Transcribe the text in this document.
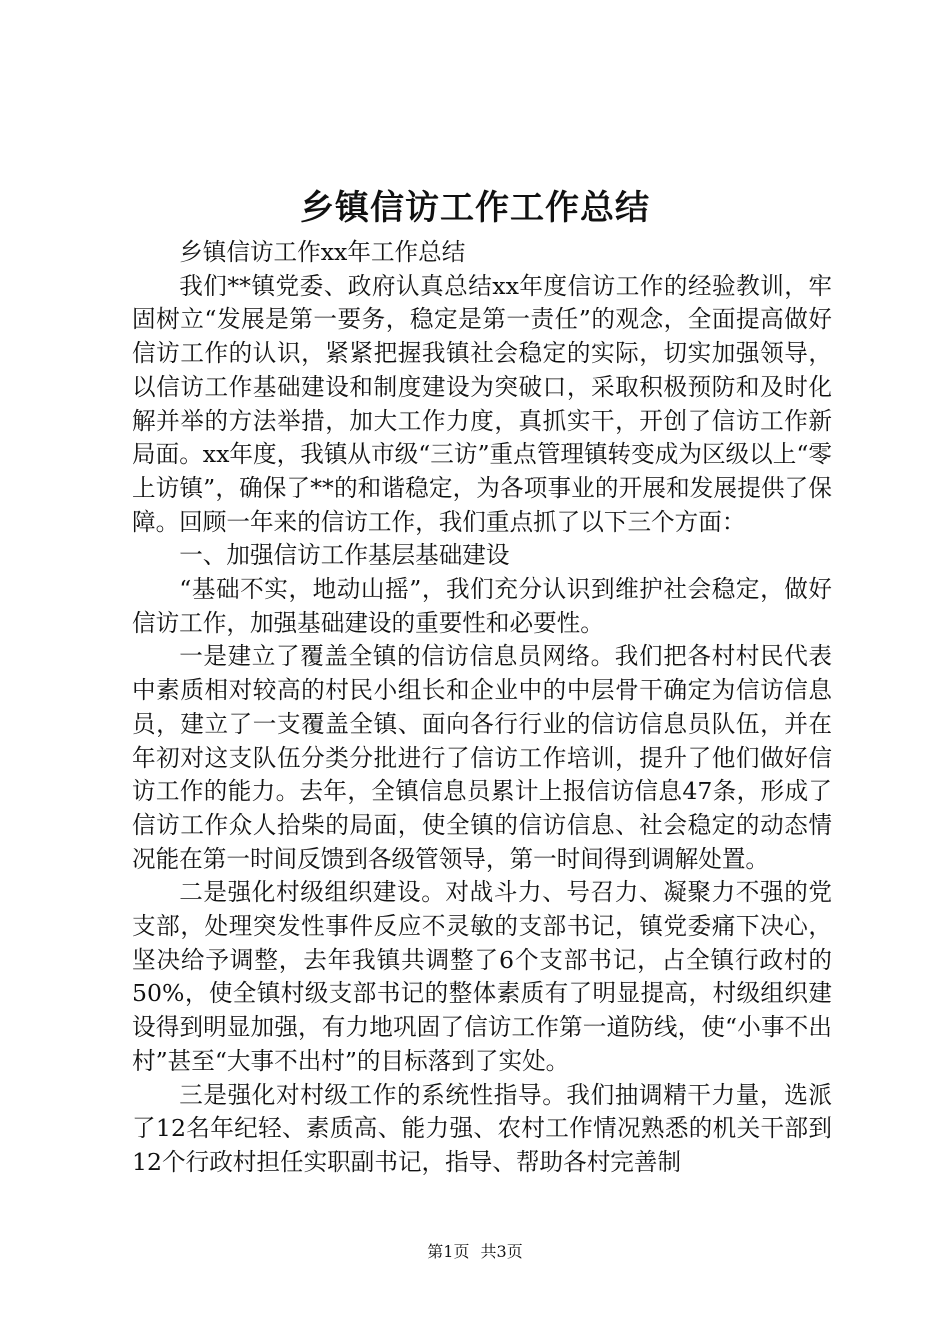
乡镇信访工作工作总结

乡镇信访工作xx年工作总结

我们**镇党委、政府认真总结xx年度信访工作的经验教训，牢固树立“发展是第一要务，稳定是第一责任”的观念，全面提高做好信访工作的认识，紧紧把握我镇社会稳定的实际，切实加强领导，以信访工作基础建设和制度建设为突破口，采取积极预防和及时化解并举的方法举措，加大工作力度，真抓实干，开创了信访工作新局面。xx年度，我镇从市级“三访”重点管理镇转变成为区级以上“零上访镇”，确保了**的和谐稳定，为各项事业的开展和发展提供了保障。回顾一年来的信访工作，我们重点抓了以下三个方面：

一、加强信访工作基层基础建设

“基础不实，地动山摇”，我们充分认识到维护社会稳定，做好信访工作，加强基础建设的重要性和必要性。

一是建立了覆盖全镇的信访信息员网络。我们把各村村民代表中素质相对较高的村民小组长和企业中的中层骨干确定为信访信息员，建立了一支覆盖全镇、面向各行行业的信访信息员队伍，并在年初对这支队伍分类分批进行了信访工作培训，提升了他们做好信访工作的能力。去年，全镇信息员累计上报信访信息47条，形成了信访工作众人拾柴的局面，使全镇的信访信息、社会稳定的动态情况能在第一时间反馈到各级管领导，第一时间得到调解处置。

二是强化村级组织建设。对战斗力、号召力、凝聚力不强的党支部，处理突发性事件反应不灵敏的支部书记，镇党委痛下决心，坚决给予调整，去年我镇共调整了6个支部书记，占全镇行政村的50%，使全镇村级支部书记的整体素质有了明显提高，村级组织建设得到明显加强，有力地巩固了信访工作第一道防线，使“小事不出村”甚至“大事不出村”的目标落到了实处。

三是强化对村级工作的系统性指导。我们抽调精干力量，选派了12名年纪轻、素质高、能力强、农村工作情况熟悉的机关干部到12个行政村担任实职副书记，指导、帮助各村完善制

第1页 共3页
